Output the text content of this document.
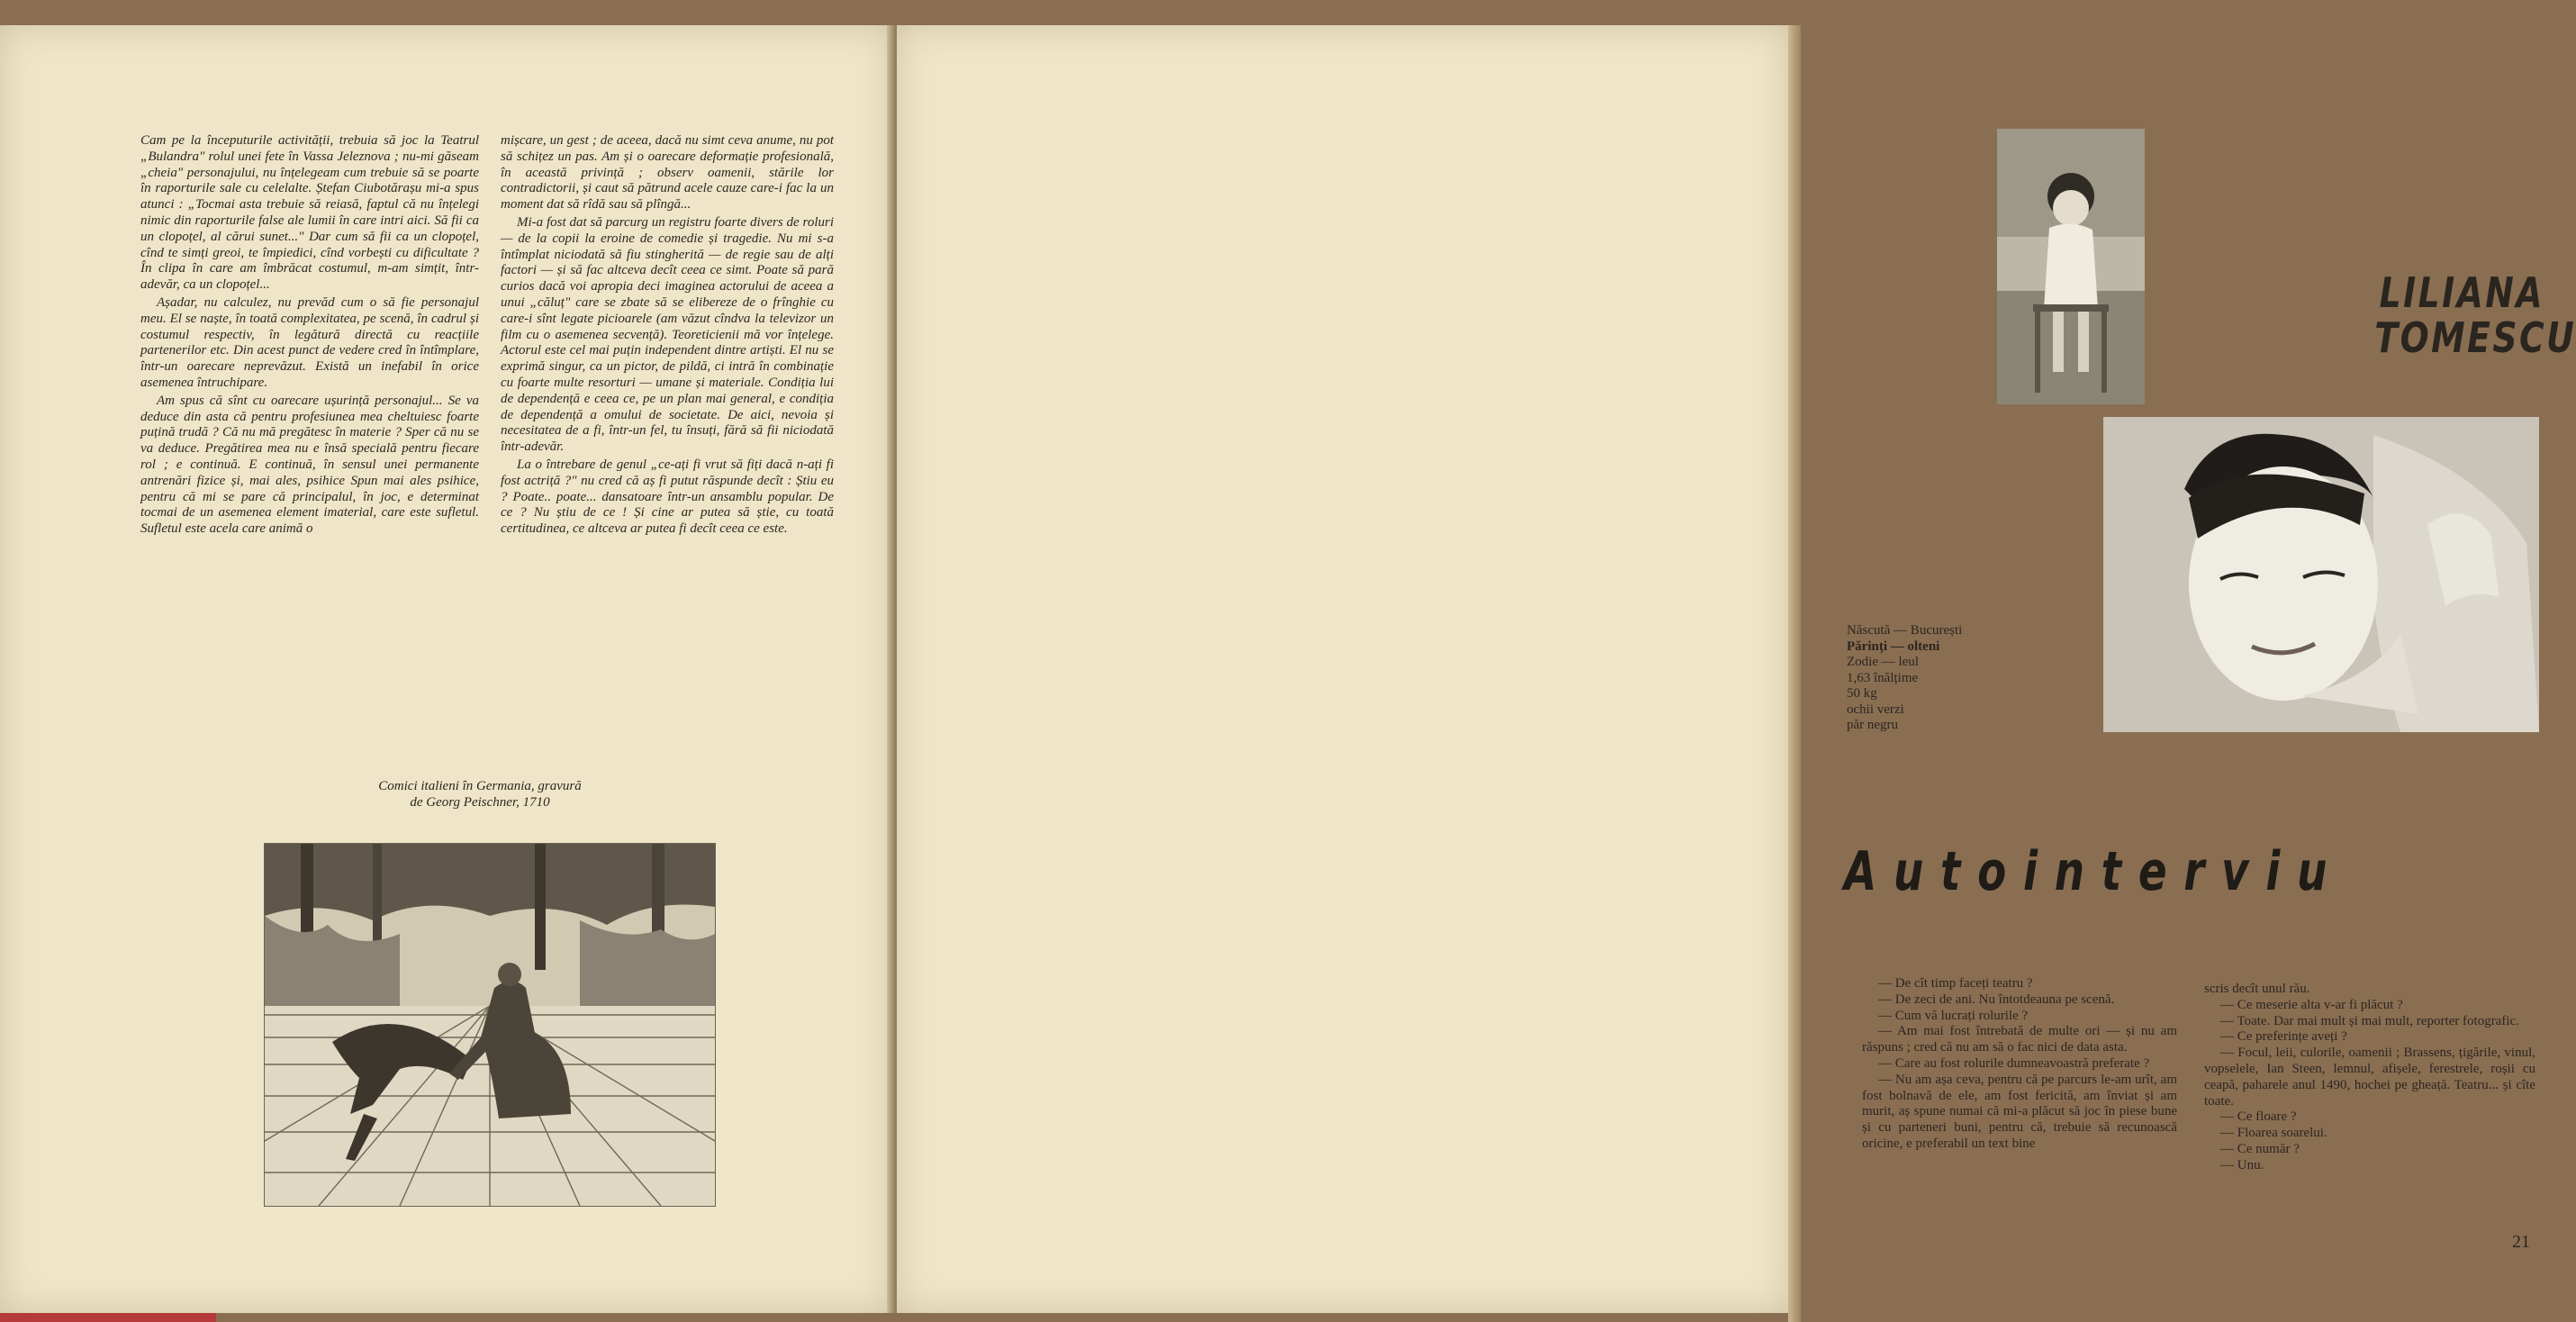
Cam pe la începuturile activității, trebuia să joc la Teatrul „Bulandra" rolul unei fete în Vassa Jeleznova ; nu-mi găseam „cheia" personajului, nu înțelegeam cum trebuie să se poarte în raporturile sale cu celelalte. Ștefan Ciubotărașu mi-a spus atunci : „Tocmai asta trebuie să reiasă, faptul că nu înțelegi nimic din raporturile false ale lumii în care intri aici. Să fii ca un clopoțel, al cărui sunet..." Dar cum să fii ca un clopoțel, cînd te simți greoi, te împiedici, cînd vorbești cu dificultate ? În clipa în care am îmbrăcat costumul, m-am simțit, într-adevăr, ca un clopoțel...

Așadar, nu calculez, nu prevăd cum o să fie personajul meu. El se naște, în toată complexitatea, pe scenă, în cadrul și costumul respectiv, în legătură directă cu reacțiile partenerilor etc. Din acest punct de vedere cred în întîmplare, într-un oarecare neprevăzut. Există un inefabil în orice asemenea întruchipare.

Am spus că sînt cu oarecare ușurință personajul... Se va deduce din asta că pentru profesiunea mea cheltuiesc foarte puțină trudă ? Că nu mă pregătesc în materie ? Sper că nu se va deduce. Pregătirea mea nu e însă specială pentru fiecare rol ; e continuă. E continuă, în sensul unei permanente antrenări fizice și, mai ales, psihice Spun mai ales psihice, pentru că mi se pare că principalul, în joc, e determinat tocmai de un asemenea element imaterial, care este sufletul. Sufletul este acela care animă o

mișcare, un gest ; de aceea, dacă nu simt ceva anume, nu pot să schițez un pas. Am și o oarecare deformație profesională, în această privință ; observ oamenii, stările lor contradictorii, și caut să pătrund acele cauze care-i fac la un moment dat să rîdă sau să plîngă...

Mi-a fost dat să parcurg un registru foarte divers de roluri — de la copii la eroine de comedie și tragedie. Nu mi s-a întîmplat niciodată să fiu stingherită — de regie sau de alți factori — și să fac altceva decît ceea ce simt. Poate să pară curios dacă voi apropia deci imaginea actorului de aceea a unui „căluț" care se zbate să se elibereze de o frînghie cu care-i sînt legate picioarele (am văzut cîndva la televizor un film cu o asemenea secvență). Teoreticienii mă vor înțelege. Actorul este cel mai puțin independent dintre artiști. El nu se exprimă singur, ca un pictor, de pildă, ci intră în combinație cu foarte multe resorturi — umane și materiale. Condiția lui de dependență e ceea ce, pe un plan mai general, e condiția de dependență a omului de societate. De aici, nevoia și necesitatea de a fi, într-un fel, tu însuți, fără să fii niciodată într-adevăr.

La o întrebare de genul „ce-ați fi vrut să fiți dacă n-ați fi fost actriță ?" nu cred că aș fi putut răspunde decît : Știu eu ? Poate.. poate... dansatoare într-un ansamblu popular. De ce ? Nu știu de ce ! Și cine ar putea să știe, cu toată certitudinea, ce altceva ar putea fi decît ceea ce este.

Comici italieni în Germania, gravură
de Georg Peischner, 1710
LILIANA
TOMESCU
Născută — București
Părinți — olteni
Zodie — leul
1,63 înălțime
50 kg
ochii verzi
păr negru
Autointerviu

— De cît timp faceți teatru ?

— De zeci de ani. Nu întotdeauna pe scenă.

— Cum vă lucrați rolurile ?

— Am mai fost întrebată de multe ori — și nu am răspuns ; cred că nu am să o fac nici de data asta.

— Care au fost rolurile dumneavoastră preferate ?

— Nu am așa ceva, pentru că pe parcurs le-am urît, am fost bolnavă de ele, am fost fericită, am înviat și am murit, aș spune numai că mi-a plăcut să joc în piese bune și cu parteneri buni, pentru că, trebuie să recunoască oricine, e preferabil un text bine

scris decît unul rău.

— Ce meserie alta v-ar fi plăcut ?

— Toate. Dar mai mult și mai mult, reporter fotografic.

— Ce preferințe aveți ?

— Focul, leii, culorile, oamenii ; Brassens, țigările, vinul, vopselele, Ian Steen, lemnul, afișele, ferestrele, roșii cu ceapă, paharele anul 1490, hochei pe gheață. Teatru... și cîte toate.

— Ce floare ?

— Floarea soarelui.

— Ce număr ?

— Unu.

21
